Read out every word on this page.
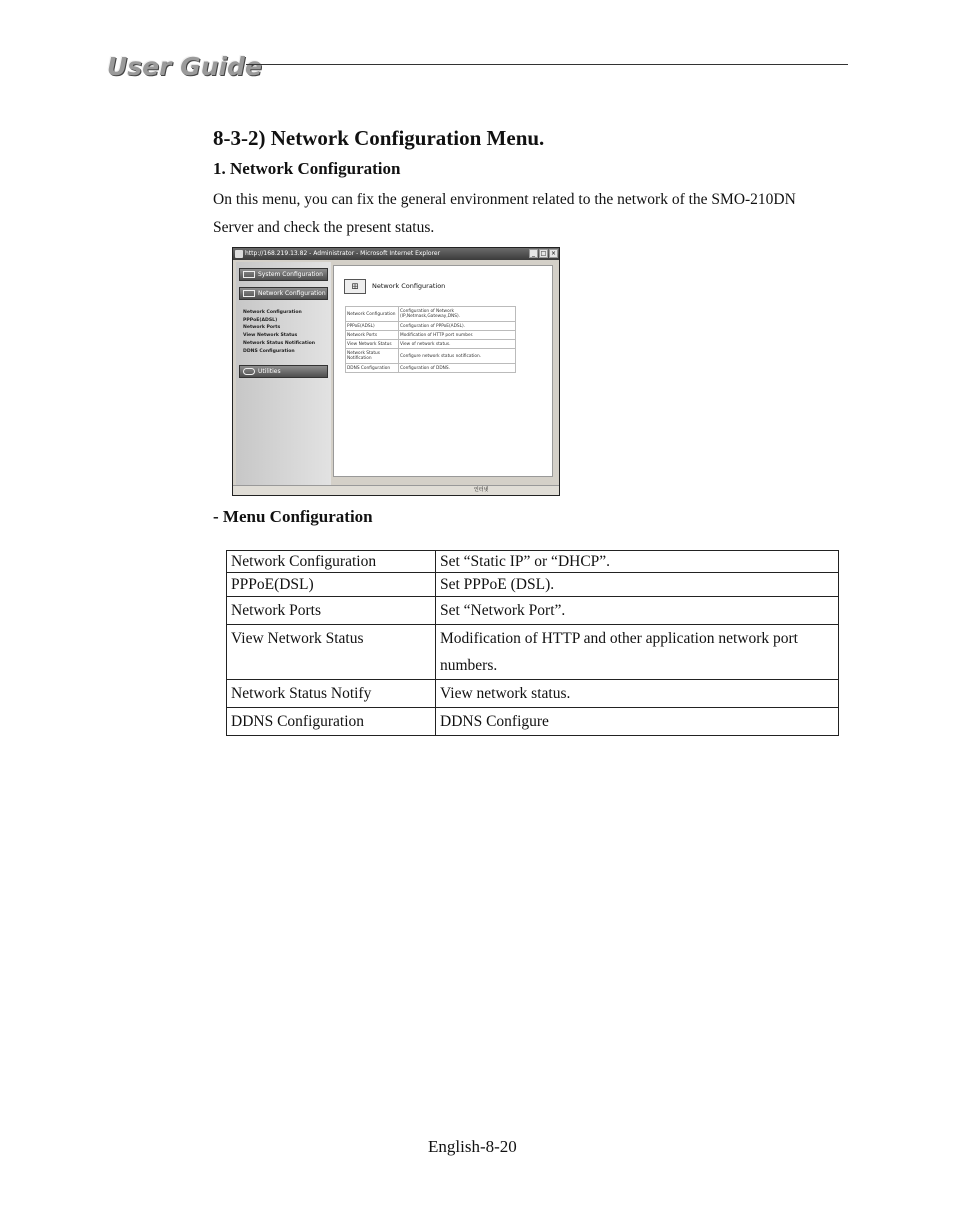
User Guide
8-3-2) Network Configuration Menu.
1. Network Configuration
On this menu, you can fix the general environment related to the network of the SMO-210DN Server and check the present status.
http://168.219.13.82 - Administrator - Microsoft Internet Explorer	_ □ ×
System Configuration
Network Configuration
Network Configuration
PPPoE(ADSL)
Network Ports
View Network Status
Network Status Notification
DDNS Configuration
Utilities
⊞	Network Configuration
Network Configuration	Configuration of Network (IP,Netmask,Gateway,DNS).
PPPoE(ADSL)	Configuration of PPPoE(ADSL).
Network Ports	Modification of HTTP port number.
View Network Status	View of network status.
Network Status Notification	Configure network status notification.
DDNS Configuration	Configuration of DDNS.
인터넷
- Menu Configuration
Network Configuration	Set “Static IP” or “DHCP”.
PPPoE(DSL)	Set PPPoE (DSL).
Network Ports	Set “Network Port”.
View Network Status	Modification of HTTP and other application network port numbers.
Network Status Notify	View network status.
DDNS Configuration	DDNS Configure
English-8-20
